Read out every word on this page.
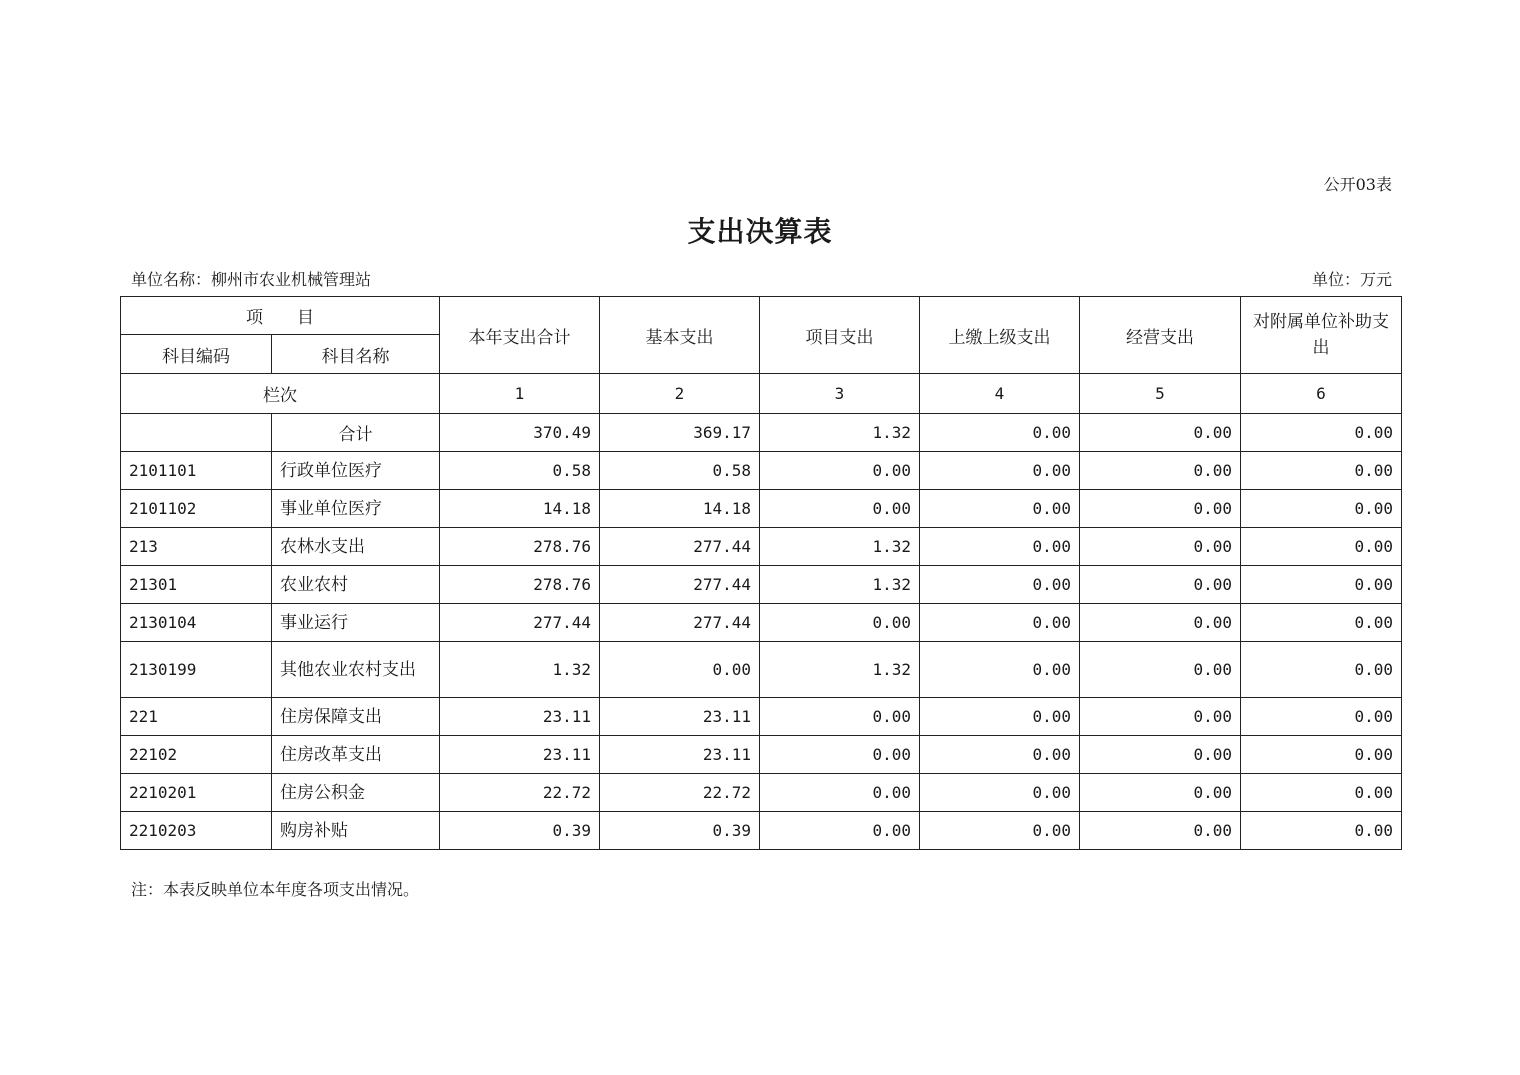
公开03表
支出决算表
单位名称：柳州市农业机械管理站	单位：万元
项　　目		本年支出合计	基本支出	项目支出	上缴上级支出	经营支出	对附属单位补助支出
科目编码	科目名称						
栏次		1	2	3	4	5	6
	合计	370.49	369.17	1.32	0.00	0.00	0.00
2101101	行政单位医疗	0.58	0.58	0.00	0.00	0.00	0.00
2101102	事业单位医疗	14.18	14.18	0.00	0.00	0.00	0.00
213	农林水支出	278.76	277.44	1.32	0.00	0.00	0.00
21301	农业农村	278.76	277.44	1.32	0.00	0.00	0.00
2130104	事业运行	277.44	277.44	0.00	0.00	0.00	0.00
2130199	其他农业农村支出	1.32	0.00	1.32	0.00	0.00	0.00
221	住房保障支出	23.11	23.11	0.00	0.00	0.00	0.00
22102	住房改革支出	23.11	23.11	0.00	0.00	0.00	0.00
2210201	住房公积金	22.72	22.72	0.00	0.00	0.00	0.00
2210203	购房补贴	0.39	0.39	0.00	0.00	0.00	0.00
注：本表反映单位本年度各项支出情况。
